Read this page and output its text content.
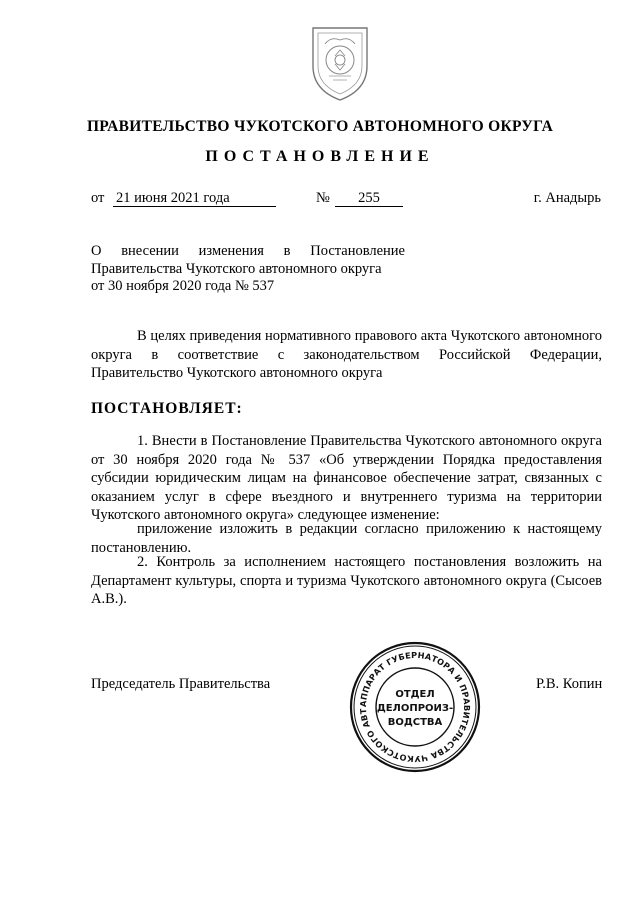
ПРАВИТЕЛЬСТВО ЧУКОТСКОГО АВТОНОМНОГО ОКРУГА
ПОСТАНОВЛЕНИЕ
от 21 июня 2021 года	№	255	г. Анадырь
О внесении изменения в Постановление
Правительства Чукотского автономного округа
от 30 ноября 2020 года № 537
В целях приведения нормативного правового акта Чукотского автономного округа в соответствие с законодательством Российской Федерации, Правительство Чукотского автономного округа
ПОСТАНОВЛЯЕТ:
1. Внести в Постановление Правительства Чукотского автономного округа от 30 ноября 2020 года № 537 «Об утверждении Порядка предоставления субсидии юридическим лицам на финансовое обеспечение затрат, связанных с оказанием услуг в сфере въездного и внутреннего туризма на территории Чукотского автономного округа» следующее изменение:
приложение изложить в редакции согласно приложению к настоящему постановлению.
2. Контроль за исполнением настоящего постановления возложить на Департамент культуры, спорта и туризма Чукотского автономного округа (Сысоев А.В.).
Председатель Правительства	Р.В. Копин
АППАРАТ ГУБЕРНАТОРА И ПРАВИТЕЛЬСТВА ЧУКОТСКОГО АВТ
ОТДЕЛ
ДЕЛОПРОИЗ-
ВОДСТВА
